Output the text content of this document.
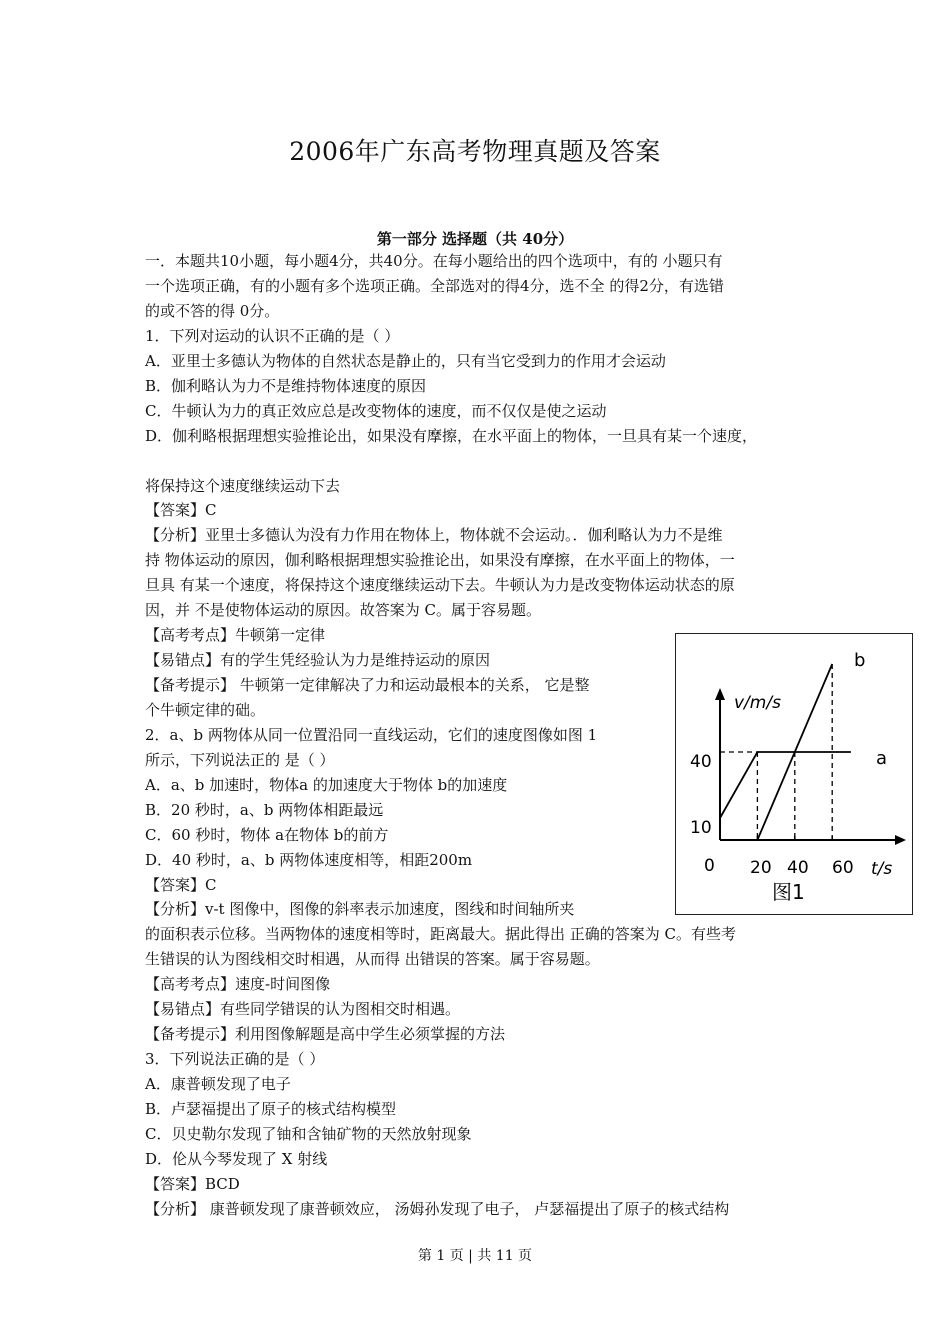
2006年广东高考物理真题及答案
第一部分 选择题（共 40分）
一．本题共10小题，每小题4分，共40分。在每小题给出的四个选项中，有的 小题只有
一个选项正确，有的小题有多个选项正确。全部选对的得4分，选不全 的得2分，有选错
的或不答的得 0分。
1．下列对运动的认识不正确的是（ ）
A．亚里士多德认为物体的自然状态是静止的，只有当它受到力的作用才会运动
B．伽利略认为力不是维持物体速度的原因
C．牛顿认为力的真正效应总是改变物体的速度，而不仅仅是使之运动
D．伽利略根据理想实验推论出，如果没有摩擦，在水平面上的物体，一旦具有某一个速度，
将保持这个速度继续运动下去
【答案】C
【分析】亚里士多德认为没有力作用在物体上，物体就不会运动。．伽利略认为力不是维
持 物体运动的原因，伽利略根据理想实验推论出，如果没有摩擦，在水平面上的物体，一
旦具 有某一个速度，将保持这个速度继续运动下去。牛顿认为力是改变物体运动状态的原
因，并 不是使物体运动的原因。故答案为 C。属于容易题。
【高考考点】牛顿第一定律
【易错点】有的学生凭经验认为力是维持运动的原因
【备考提示】 牛顿第一定律解决了力和运动最根本的关系， 它是整
个牛顿定律的础。
2．a、b 两物体从同一位置沿同一直线运动，它们的速度图像如图 1
所示，下列说法正的 是（ ）
A．a、b 加速时，物体a 的加速度大于物体 b的加速度
B．20 秒时，a、b 两物体相距最远
C．60 秒时，物体 a在物体 b的前方
D．40 秒时，a、b 两物体速度相等，相距200m
【答案】C
【分析】v-t 图像中，图像的斜率表示加速度，图线和时间轴所夹
的面积表示位移。当两物体的速度相等时，距离最大。据此得出 正确的答案为 C。有些考
生错误的认为图线相交时相遇，从而得 出错误的答案。属于容易题。
【高考考点】速度-时间图像
【易错点】有些同学错误的认为图相交时相遇。
【备考提示】利用图像解题是高中学生必须掌握的方法
3．下列说法正确的是（ ）
A．康普顿发现了电子
B．卢瑟福提出了原子的核式结构模型
C．贝史勒尔发现了铀和含铀矿物的天然放射现象
D．伦从今琴发现了 X 射线
【答案】BCD
【分析】 康普顿发现了康普顿效应， 汤姆孙发现了电子， 卢瑟福提出了原子的核式结构
v/m/s
t/s
0
10
40
20 40 60
a
b
图1
第 1 页 | 共 11 页
